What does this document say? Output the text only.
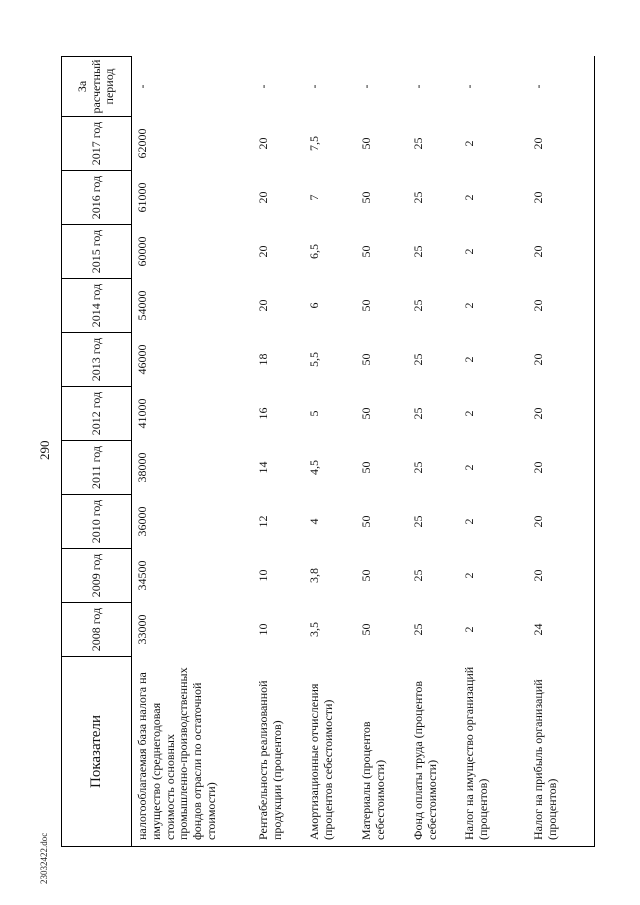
290
23032422.doc
Показатели	2008 год	2009 год	2010 год	2011 год	2012 год	2013 год	2014 год	2015 год	2016 год	2017 год	За расчетный период
налогооблагаемая база налога на имущество (среднегодовая стоимость основных промышленно-производственных фондов отрасли по остаточной стоимости)	33000	34500	36000	38000	41000	46000	54000	60000	61000	62000	-
Рентабельность реализованной продукции (процентов)	10	10	12	14	16	18	20	20	20	20	-
Амортизационные отчисления (процентов себестоимости)	3,5	3,8	4	4,5	5	5,5	6	6,5	7	7,5	-
Материалы (процентов себестоимости)	50	50	50	50	50	50	50	50	50	50	-
Фонд оплаты труда (процентов себестоимости)	25	25	25	25	25	25	25	25	25	25	-
Налог на имущество организаций (процентов)	2	2	2	2	2	2	2	2	2	2	-
Налог на прибыль организаций (процентов)	24	20	20	20	20	20	20	20	20	20	-
